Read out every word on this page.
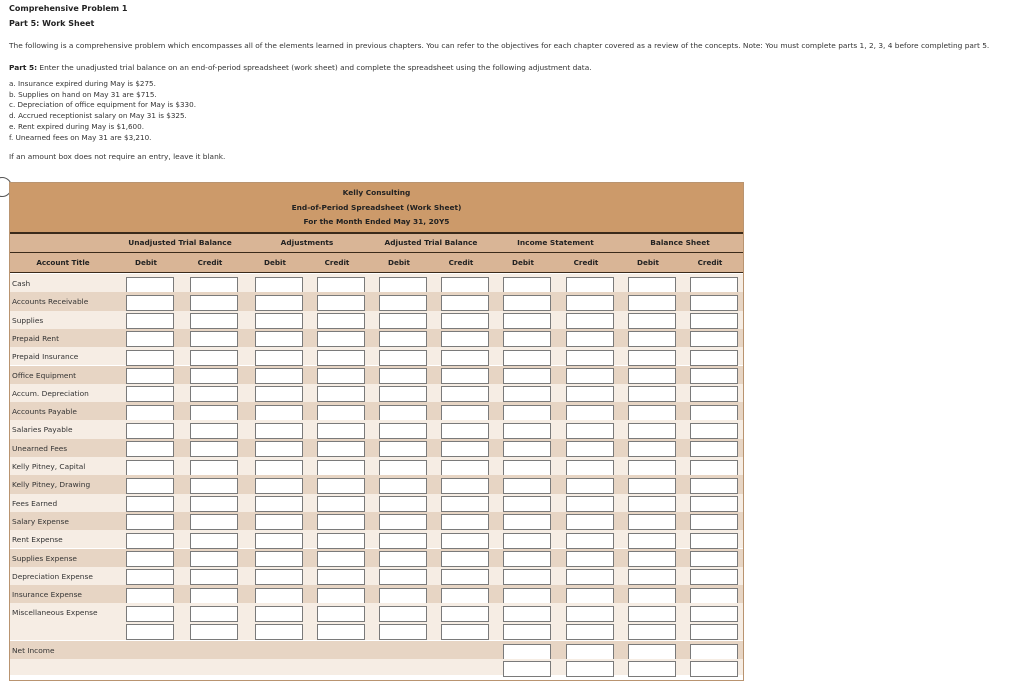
Comprehensive Problem 1
Part 5: Work Sheet
The following is a comprehensive problem which encompasses all of the elements learned in previous chapters. You can refer to the objectives for each chapter covered as a review of the concepts. Note: You must complete parts 1, 2, 3, 4 before completing part 5.
Part 5: Enter the unadjusted trial balance on an end-of-period spreadsheet (work sheet) and complete the spreadsheet using the following adjustment data.
a. Insurance expired during May is $275.
b. Supplies on hand on May 31 are $715.
c. Depreciation of office equipment for May is $330.
d. Accrued receptionist salary on May 31 is $325.
e. Rent expired during May is $1,600.
f. Unearned fees on May 31 are $3,210.
If an amount box does not require an entry, leave it blank.
Kelly Consulting
End-of-Period Spreadsheet (Work Sheet)
For the Month Ended May 31, 20Y5
Unadjusted Trial Balance	Adjustments	Adjusted Trial Balance	Income Statement	Balance Sheet
Account Title	Debit	Credit	Debit	Credit	Debit	Credit	Debit	Credit	Debit	Credit
Cash
Accounts Receivable
Supplies
Prepaid Rent
Prepaid Insurance
Office Equipment
Accum. Depreciation
Accounts Payable
Salaries Payable
Unearned Fees
Kelly Pitney, Capital
Kelly Pitney, Drawing
Fees Earned
Salary Expense
Rent Expense
Supplies Expense
Depreciation Expense
Insurance Expense
Miscellaneous Expense
Net Income
